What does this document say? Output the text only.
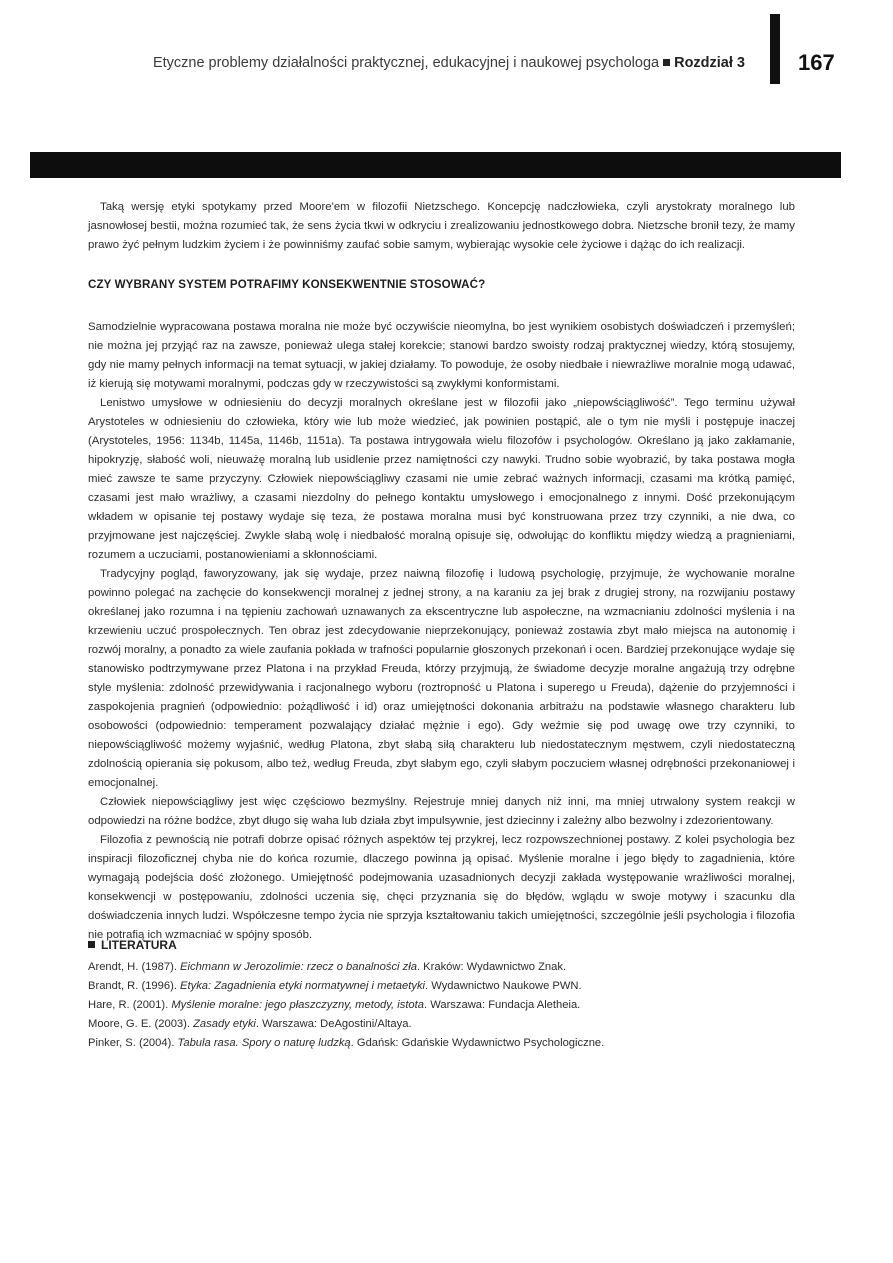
Etyczne problemy działalności praktycznej, edukacyjnej i naukowej psychologa Rozdział 3 167

Taką wersję etyki spotykamy przed Moore'em w filozofii Nietzschego. Koncepcję nadczłowieka, czyli arystokraty moralnego lub jasnowłosej bestii, można rozumieć tak, że sens życia tkwi w odkryciu i zrealizowaniu jednostkowego dobra. Nietzsche bronił tezy, że mamy prawo żyć pełnym ludzkim życiem i że powinniśmy zaufać sobie samym, wybierając wysokie cele życiowe i dążąc do ich realizacji.

CZY WYBRANY SYSTEM POTRAFIMY KONSEKWENTNIE STOSOWAĆ?

Samodzielnie wypracowana postawa moralna nie może być oczywiście nieomylna, bo jest wynikiem osobistych doświadczeń i przemyśleń; nie można jej przyjąć raz na zawsze, ponieważ ulega stałej korekcie; stanowi bardzo swoisty rodzaj praktycznej wiedzy, którą stosujemy, gdy nie mamy pełnych informacji na temat sytuacji, w jakiej działamy. To powoduje, że osoby niedbałe i niewrażliwe moralnie mogą udawać, iż kierują się motywami moralnymi, podczas gdy w rzeczywistości są zwykłymi konformistami.

Lenistwo umysłowe w odniesieniu do decyzji moralnych określane jest w filozofii jako „niepowściągliwość”. Tego terminu używał Arystoteles w odniesieniu do człowieka, który wie lub może wiedzieć, jak powinien postąpić, ale o tym nie myśli i postępuje inaczej (Arystoteles, 1956: 1134b, 1145a, 1146b, 1151a). Ta postawa intrygowała wielu filozofów i psychologów. Określano ją jako zakłamanie, hipokryzję, słabość woli, nieuważę moralną lub usidlenie przez namiętności czy nawyki. Trudno sobie wyobrazić, by taka postawa mogła mieć zawsze te same przyczyny. Człowiek niepowściągliwy czasami nie umie zebrać ważnych informacji, czasami ma krótką pamięć, czasami jest mało wrażliwy, a czasami niezdolny do pełnego kontaktu umysłowego i emocjonalnego z innymi. Dość przekonującym wkładem w opisanie tej postawy wydaje się teza, że postawa moralna musi być konstruowana przez trzy czynniki, a nie dwa, co przyjmowane jest najczęściej. Zwykle słabą wolę i niedbałość moralną opisuje się, odwołując do konfliktu między wiedzą a pragnieniami, rozumem a uczuciami, postanowieniami a skłonnościami.

Tradycyjny pogląd, faworyzowany, jak się wydaje, przez naiwną filozofię i ludową psychologię, przyjmuje, że wychowanie moralne powinno polegać na zachęcie do konsekwencji moralnej z jednej strony, a na karaniu za jej brak z drugiej strony, na rozwijaniu postawy określanej jako rozumna i na tępieniu zachowań uznawanych za ekscentryczne lub aspołeczne, na wzmacnianiu zdolności myślenia i na krzewieniu uczuć prospołecznych. Ten obraz jest zdecydowanie nieprzekonujący, ponieważ zostawia zbyt mało miejsca na autonomię i rozwój moralny, a ponadto za wiele zaufania pokłada w trafności popularnie głoszonych przekonań i ocen. Bardziej przekonujące wydaje się stanowisko podtrzymywane przez Platona i na przykład Freuda, którzy przyjmują, że świadome decyzje moralne angażują trzy odrębne style myślenia: zdolność przewidywania i racjonalnego wyboru (roztropność u Platona i superego u Freuda), dążenie do przyjemności i zaspokojenia pragnień (odpowiednio: pożądliwość i id) oraz umiejętności dokonania arbitrażu na podstawie własnego charakteru lub osobowości (odpowiednio: temperament pozwalający działać mężnie i ego). Gdy weźmie się pod uwagę owe trzy czynniki, to niepowściągliwość możemy wyjaśnić, według Platona, zbyt słabą siłą charakteru lub niedostatecznym męstwem, czyli niedostateczną zdolnością opierania się pokusom, albo też, według Freuda, zbyt słabym ego, czyli słabym poczuciem własnej odrębności przekonaniowej i emocjonalnej.

Człowiek niepowściągliwy jest więc częściowo bezmyślny. Rejestruje mniej danych niż inni, ma mniej utrwalony system reakcji w odpowiedzi na różne bodźce, zbyt długo się waha lub działa zbyt impulsywnie, jest dziecinny i zależny albo bezwolny i zdezorientowany.

Filozofia z pewnością nie potrafi dobrze opisać różnych aspektów tej przykrej, lecz rozpowszechnionej postawy. Z kolei psychologia bez inspiracji filozoficznej chyba nie do końca rozumie, dlaczego powinna ją opisać. Myślenie moralne i jego błędy to zagadnienia, które wymagają podejścia dość złożonego. Umiejętność podejmowania uzasadnionych decyzji zakłada występowanie wrażliwości moralnej, konsekwencji w postępowaniu, zdolności uczenia się, chęci przyznania się do błędów, wglądu w swoje motywy i szacunku dla doświadczenia innych ludzi. Współczesne tempo życia nie sprzyja kształtowaniu takich umiejętności, szczególnie jeśli psychologia i filozofia nie potrafią ich wzmacniać w spójny sposób.

LITERATURA
Arendt, H. (1987). Eichmann w Jerozolimie: rzecz o banalności zła. Kraków: Wydawnictwo Znak.
Brandt, R. (1996). Etyka: Zagadnienia etyki normatywnej i metaetyki. Wydawnictwo Naukowe PWN.
Hare, R. (2001). Myślenie moralne: jego płaszczyzny, metody, istota. Warszawa: Fundacja Aletheia.
Moore, G. E. (2003). Zasady etyki. Warszawa: DeAgostini/Altaya.
Pinker, S. (2004). Tabula rasa. Spory o naturę ludzką. Gdańsk: Gdańskie Wydawnictwo Psychologiczne.
